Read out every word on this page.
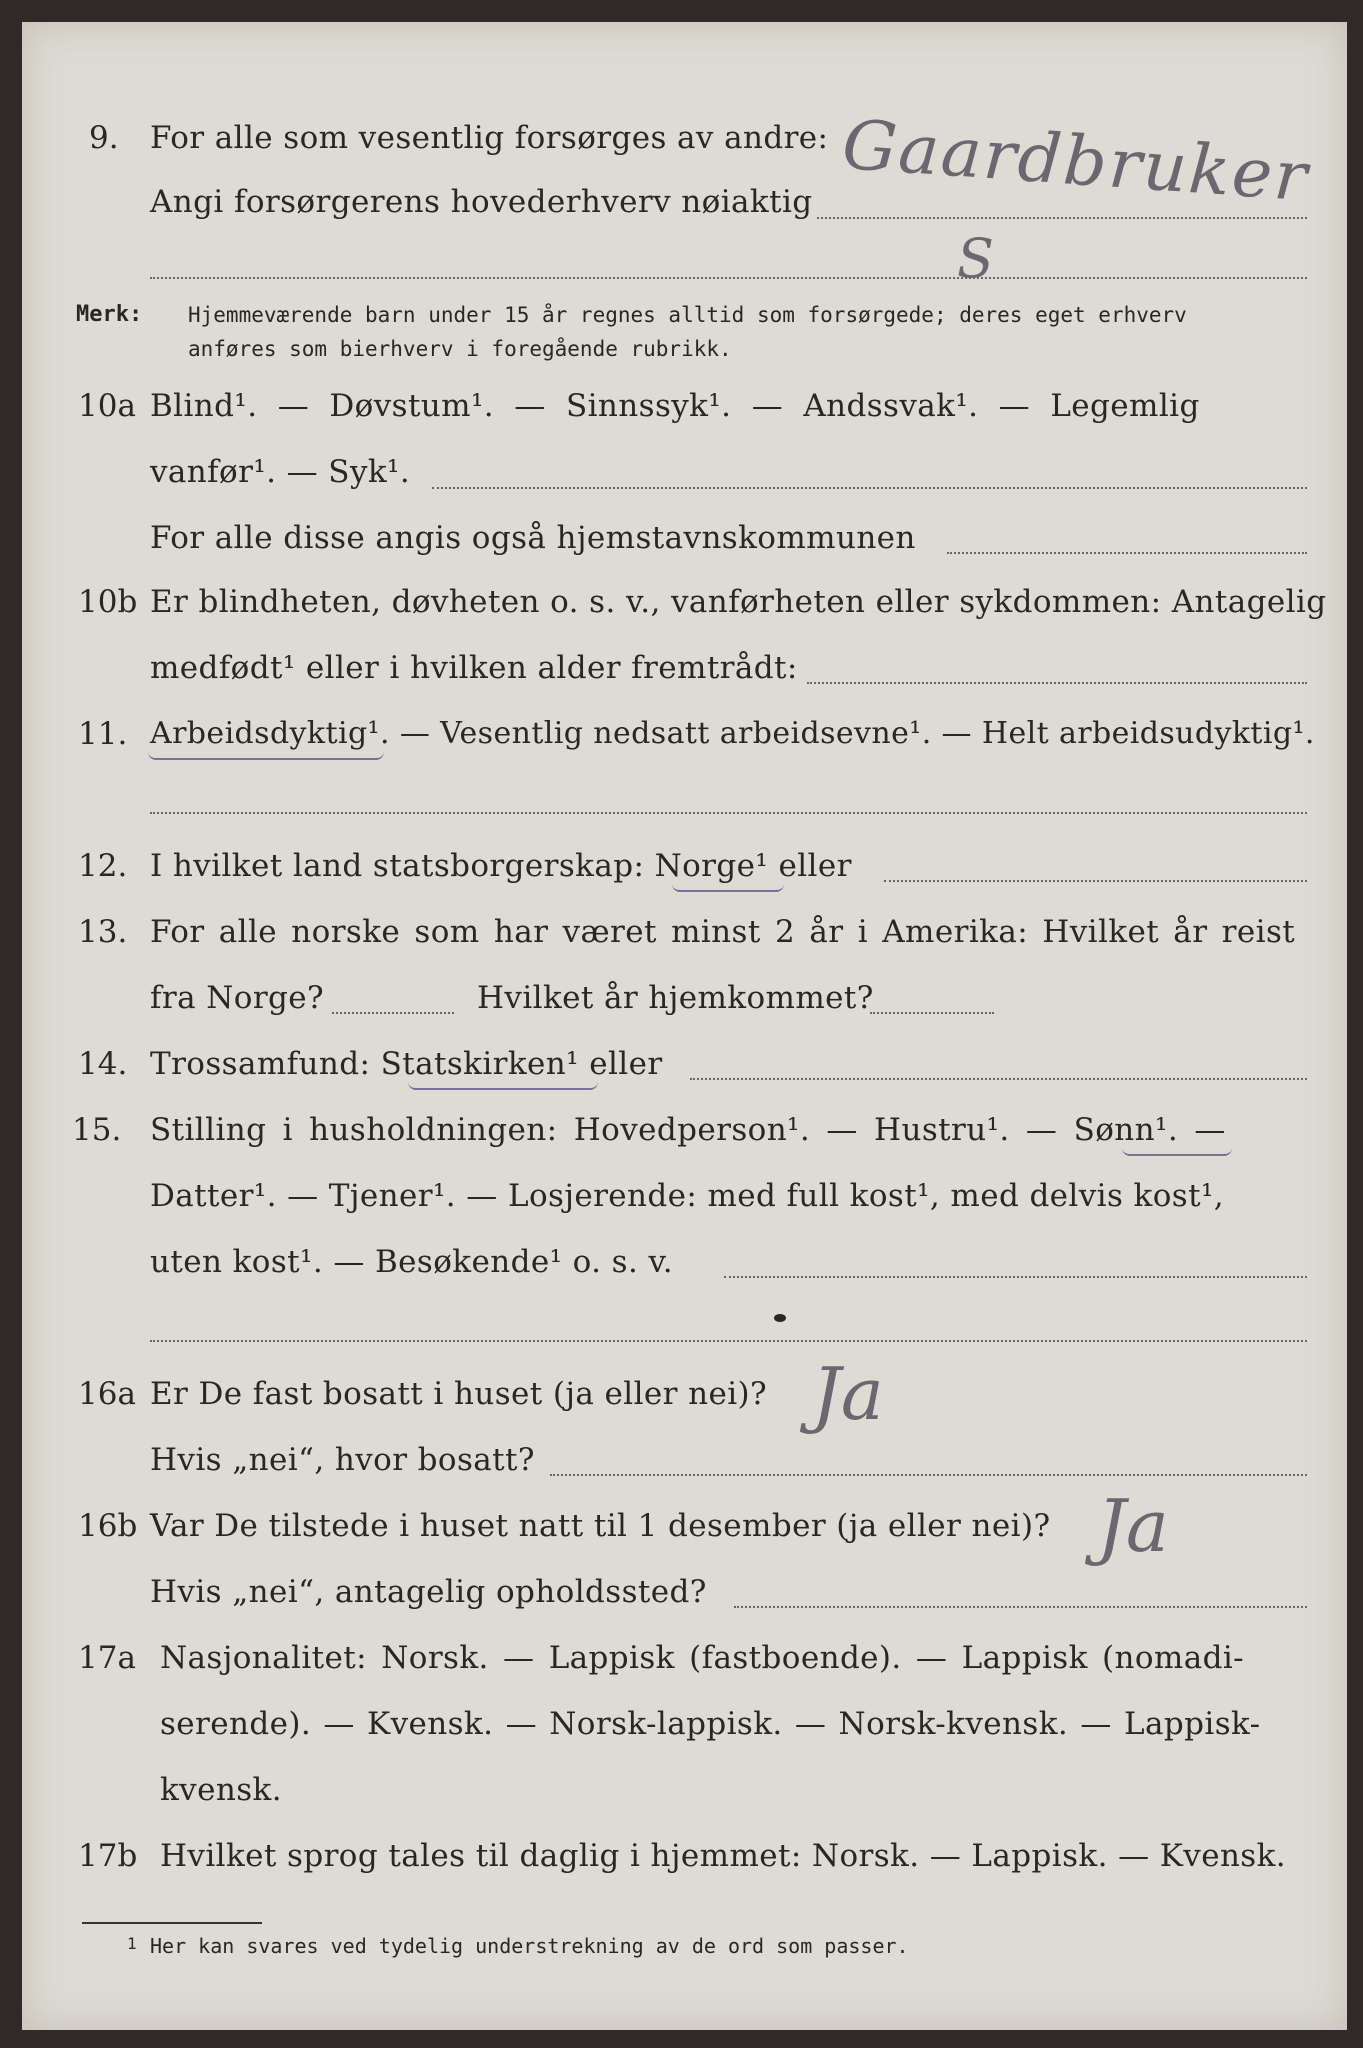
9. For alle som vesentlig forsørges av andre:
Angi forsørgerens hovederhverv nøiaktig Gaardbruker
S
Merk: Hjemmeværende barn under 15 år regnes alltid som forsørgede; deres eget erhverv
anføres som bierhverv i foregående rubrikk.
10a Blind¹. — Døvstum¹. — Sinnssyk¹. — Andssvak¹. — Legemlig
vanfør¹. — Syk¹.
For alle disse angis også hjemstavnskommunen
10b Er blindheten, døvheten o. s. v., vanførheten eller sykdommen: Antagelig
medfødt¹ eller i hvilken alder fremtrådt:
11. Arbeidsdyktig¹. — Vesentlig nedsatt arbeidsevne¹. — Helt arbeidsudyktig¹.
12. I hvilket land statsborgerskap: Norge¹ eller
13. For alle norske som har været minst 2 år i Amerika: Hvilket år reist
fra Norge?	Hvilket år hjemkommet?
14. Trossamfund: Statskirken¹ eller
15. Stilling i husholdningen: Hovedperson¹. — Hustru¹. — Sønn¹. —
Datter¹. — Tjener¹. — Losjerende: med full kost¹, med delvis kost¹,
uten kost¹. — Besøkende¹ o. s. v.
16a Er De fast bosatt i huset (ja eller nei)? Ja
Hvis „nei“, hvor bosatt?
16b Var De tilstede i huset natt til 1 desember (ja eller nei)? Ja
Hvis „nei“, antagelig opholdssted?
17a Nasjonalitet: Norsk. — Lappisk (fastboende). — Lappisk (nomadi-
serende). — Kvensk. — Norsk-lappisk. — Norsk-kvensk. — Lappisk-
kvensk.
17b Hvilket sprog tales til daglig i hjemmet: Norsk. — Lappisk. — Kvensk.
1 Her kan svares ved tydelig understrekning av de ord som passer.
